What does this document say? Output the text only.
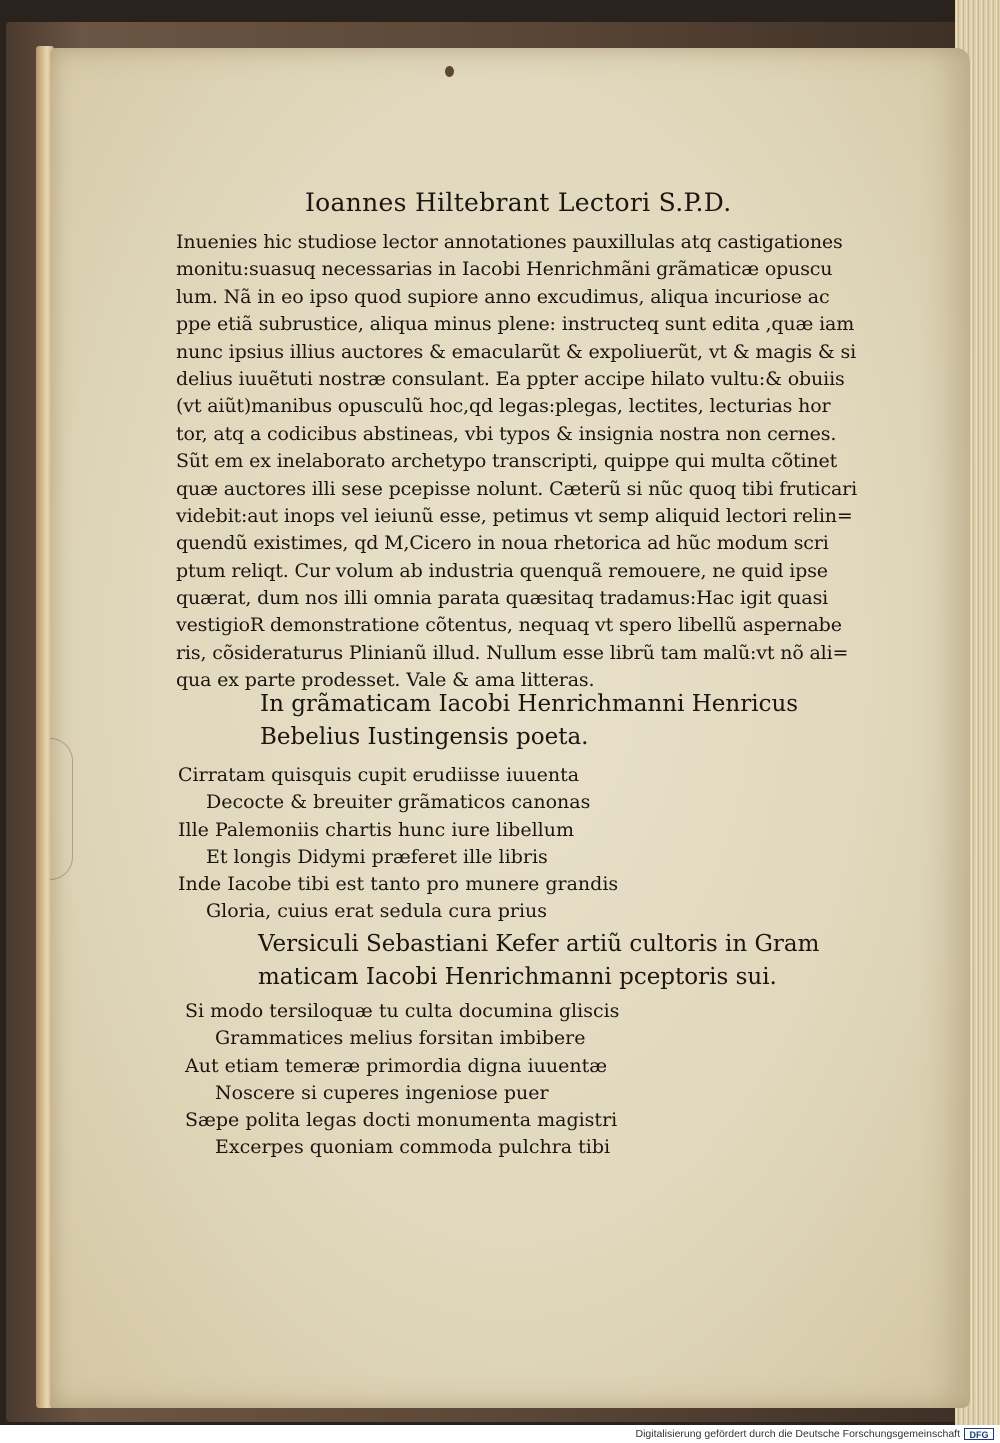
Ioannes Hiltebrant Lectori S.P.D.
Inuenies hic studiose lector annotationes pauxillulas atq castigationes
monitu:suasuq necessarias in Iacobi Henrichmãni grãmaticæ opuscu
lum. Nã in eo ipso quod supiore anno excudimus, aliqua incuriose ac
ppe etiã subrustice, aliqua minus plene: instructeq sunt edita ,quæ iam
nunc ipsius illius auctores & emacularũt & expoliuerũt, vt & magis & si
delius iuuẽtuti nostræ consulant. Ea ppter accipe hilato vultu:& obuiis
(vt aiũt)manibus opusculũ hoc,qd legas:plegas, lectites, lecturias hor
tor, atq a codicibus abstineas, vbi typos & insignia nostra non cernes.
Sũt em ex inelaborato archetypo transcripti, quippe qui multa cõtinet
quæ auctores illi sese pcepisse nolunt. Cæterũ si nũc quoq tibi fruticari
videbit:aut inops vel ieiunũ esse, petimus vt semp aliquid lectori relin=
quendũ existimes, qd M,Cicero in noua rhetorica ad hũc modum scri
ptum reliqt. Cur volum ab industria quenquã remouere, ne quid ipse
quærat, dum nos illi omnia parata quæsitaq tradamus:Hac igit quasi
vestigioR demonstratione cõtentus, nequaq vt spero libellũ aspernabe
ris, cõsideraturus Plinianũ illud. Nullum esse librũ tam malũ:vt nõ ali=
qua ex parte prodesset. Vale & ama litteras.
In grãmaticam Iacobi Henrichmanni Henricus
Bebelius Iustingensis poeta.
Cirratam quisquis cupit erudiisse iuuenta
Decocte & breuiter grãmaticos canonas
Ille Palemoniis chartis hunc iure libellum
Et longis Didymi præferet ille libris
Inde Iacobe tibi est tanto pro munere grandis
Gloria, cuius erat sedula cura prius
Versiculi Sebastiani Kefer artiũ cultoris in Gram
maticam Iacobi Henrichmanni pceptoris sui.
Si modo tersiloquæ tu culta documina gliscis
Grammatices melius forsitan imbibere
Aut etiam temeræ primordia digna iuuentæ
Noscere si cuperes ingeniose puer
Sæpe polita legas docti monumenta magistri
Excerpes quoniam commoda pulchra tibi
Digitalisierung gefördert durch die Deutsche Forschungsgemeinschaft	DFG
